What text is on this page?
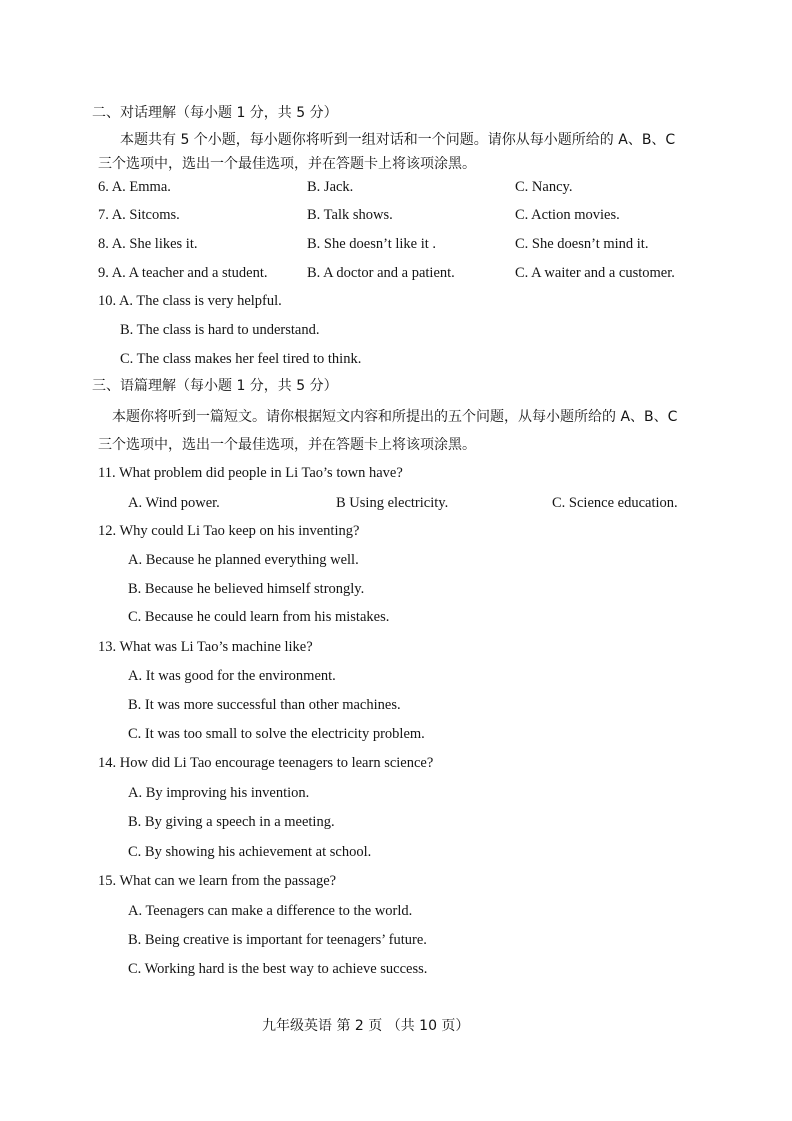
二、对话理解（每小题 1 分，共 5 分）
本题共有 5 个小题，每小题你将听到一组对话和一个问题。请你从每小题所给的 A、B、C
三个选项中，选出一个最佳选项，并在答题卡上将该项涂黑。
6. A. Emma.	B. Jack.	C. Nancy.
7. A. Sitcoms.	B. Talk shows.	C. Action movies.
8. A. She likes it.	B. She doesn’t like it .	C. She doesn’t mind it.
9. A. A teacher and a student.	B. A doctor and a patient.	C. A waiter and a customer.
10. A. The class is very helpful.
B. The class is hard to understand.
C. The class makes her feel tired to think.
三、语篇理解（每小题 1 分，共 5 分）
本题你将听到一篇短文。请你根据短文内容和所提出的五个问题，从每小题所给的 A、B、C
三个选项中，选出一个最佳选项，并在答题卡上将该项涂黑。
11. What problem did people in Li Tao’s town have?
A. Wind power.	B Using electricity.	C. Science education.
12. Why could Li Tao keep on his inventing?
A. Because he planned everything well.
B. Because he believed himself strongly.
C. Because he could learn from his mistakes.
13. What was Li Tao’s machine like?
A. It was good for the environment.
B. It was more successful than other machines.
C. It was too small to solve the electricity problem.
14. How did Li Tao encourage teenagers to learn science?
A. By improving his invention.
B. By giving a speech in a meeting.
C. By showing his achievement at school.
15. What can we learn from the passage?
A. Teenagers can make a difference to the world.
B. Being creative is important for teenagers’ future.
C. Working hard is the best way to achieve success.
九年级英语 第 2 页 （共 10 页）
